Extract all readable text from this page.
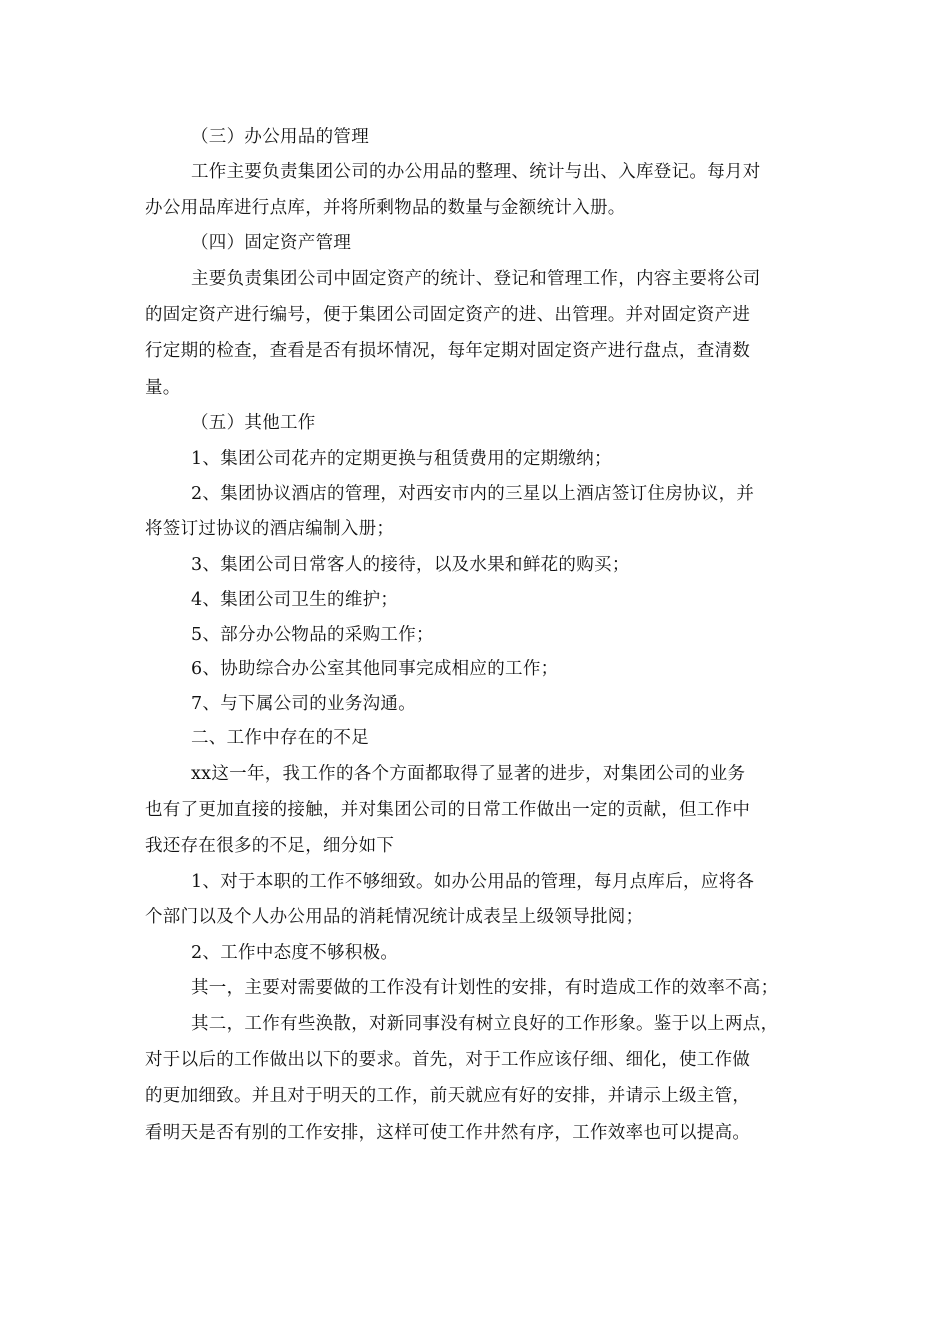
（三）办公用品的管理
工作主要负责集团公司的办公用品的整理、统计与出、入库登记。每月对
办公用品库进行点库，并将所剩物品的数量与金额统计入册。
（四）固定资产管理
主要负责集团公司中固定资产的统计、登记和管理工作，内容主要将公司
的固定资产进行编号，便于集团公司固定资产的进、出管理。并对固定资产进
行定期的检查，查看是否有损坏情况，每年定期对固定资产进行盘点，查清数
量。
（五）其他工作
1、集团公司花卉的定期更换与租赁费用的定期缴纳；
2、集团协议酒店的管理，对西安市内的三星以上酒店签订住房协议，并
将签订过协议的酒店编制入册；
3、集团公司日常客人的接待，以及水果和鲜花的购买；
4、集团公司卫生的维护；
5、部分办公物品的采购工作；
6、协助综合办公室其他同事完成相应的工作；
7、与下属公司的业务沟通。
二、工作中存在的不足
xx这一年，我工作的各个方面都取得了显著的进步，对集团公司的业务
也有了更加直接的接触，并对集团公司的日常工作做出一定的贡献，但工作中
我还存在很多的不足，细分如下
1、对于本职的工作不够细致。如办公用品的管理，每月点库后，应将各
个部门以及个人办公用品的消耗情况统计成表呈上级领导批阅；
2、工作中态度不够积极。
其一，主要对需要做的工作没有计划性的安排，有时造成工作的效率不高；
其二，工作有些涣散，对新同事没有树立良好的工作形象。鉴于以上两点，
对于以后的工作做出以下的要求。首先，对于工作应该仔细、细化，使工作做
的更加细致。并且对于明天的工作，前天就应有好的安排，并请示上级主管，
看明天是否有别的工作安排，这样可使工作井然有序，工作效率也可以提高。
